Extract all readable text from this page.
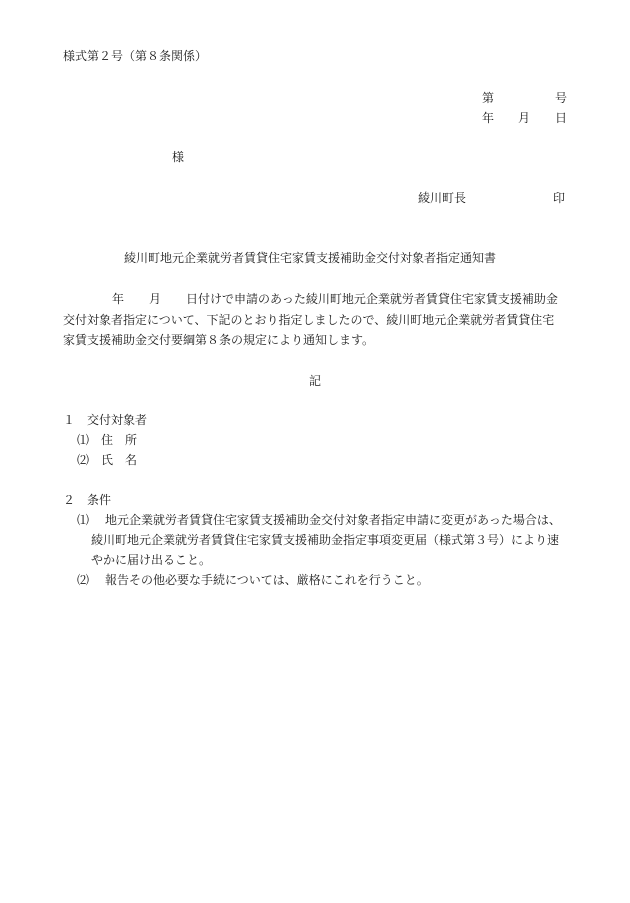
様式第２号（第８条関係）
第	号
年 月 日
様
綾川町長	印
綾川町地元企業就労者賃貸住宅家賃支援補助金交付対象者指定通知書
年 月 日付けで申請のあった綾川町地元企業就労者賃貸住宅家賃支援補助金
交付対象者指定について、下記のとおり指定しましたので、綾川町地元企業就労者賃貸住宅
家賃支援補助金交付要綱第８条の規定により通知します。
記
１　交付対象者
⑴　住　所
⑵　氏　名
２　条件
⑴ 地元企業就労者賃貸住宅家賃支援補助金交付対象者指定申請に変更があった場合は、
綾川町地元企業就労者賃貸住宅家賃支援補助金指定事項変更届（様式第３号）により速
やかに届け出ること。
⑵ 報告その他必要な手続については、厳格にこれを行うこと。
